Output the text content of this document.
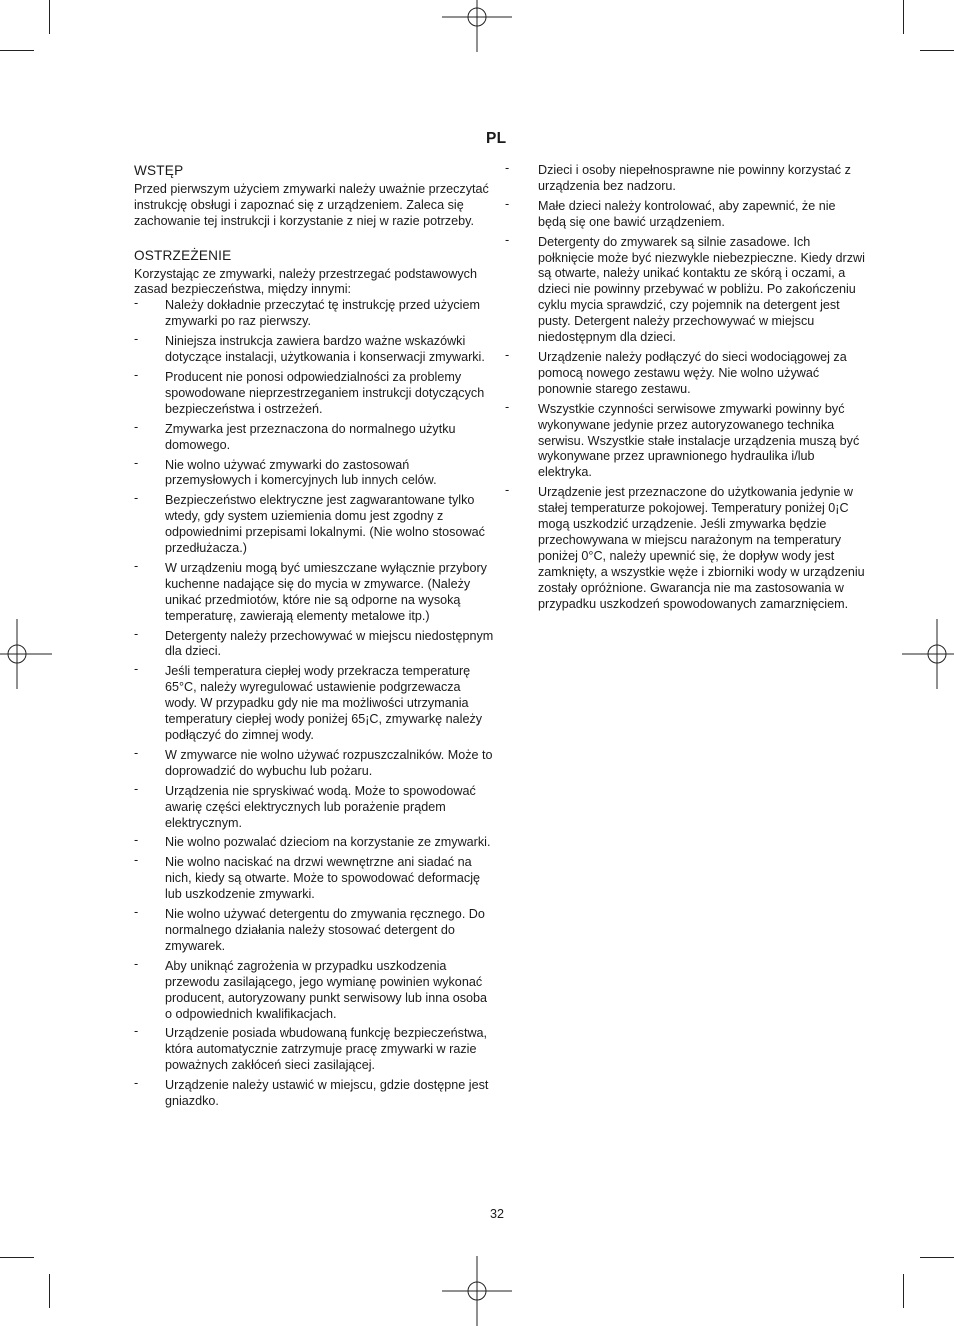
PL
WSTĘP

Przed pierwszym użyciem zmywarki należy uważnie przeczytać instrukcję obsługi i zapoznać się z urządzeniem. Zaleca się zachowanie tej instrukcji i korzystanie z niej w razie potrzeby.

OSTRZEŻENIE

Korzystając ze zmywarki, należy przestrzegać podstawowych zasad bezpieczeństwa, między innymi:

- Należy dokładnie przeczytać tę instrukcję przed użyciem zmywarki po raz pierwszy.
- Niniejsza instrukcja zawiera bardzo ważne wskazówki dotyczące instalacji, użytkowania i konserwacji zmywarki.
- Producent nie ponosi odpowiedzialności za problemy spowodowane nieprzestrzeganiem instrukcji dotyczących bezpieczeństwa i ostrzeżeń.
- Zmywarka jest przeznaczona do normalnego użytku domowego.
- Nie wolno używać zmywarki do zastosowań przemysłowych i komercyjnych lub innych celów.
- Bezpieczeństwo elektryczne jest zagwarantowane tylko wtedy, gdy system uziemienia domu jest zgodny z odpowiednimi przepisami lokalnymi. (Nie wolno stosować przedłużacza.)
- W urządzeniu mogą być umieszczane wyłącznie przybory kuchenne nadające się do mycia w zmywarce. (Należy unikać przedmiotów, które nie są odporne na wysoką temperaturę, zawierają elementy metalowe itp.)
- Detergenty należy przechowywać w miejscu niedostępnym dla dzieci.
- Jeśli temperatura ciepłej wody przekracza temperaturę 65°C, należy wyregulować ustawienie podgrzewacza wody. W przypadku gdy nie ma możliwości utrzymania temperatury ciepłej wody poniżej 65¡C, zmywarkę należy podłączyć do zimnej wody.
- W zmywarce nie wolno używać rozpuszczalników. Może to doprowadzić do wybuchu lub pożaru.
- Urządzenia nie spryskiwać wodą. Może to spowodować awarię części elektrycznych lub porażenie prądem elektrycznym.
- Nie wolno pozwalać dzieciom na korzystanie ze zmywarki.
- Nie wolno naciskać na drzwi wewnętrzne ani siadać na nich, kiedy są otwarte. Może to spowodować deformację lub uszkodzenie zmywarki.
- Nie wolno używać detergentu do zmywania ręcznego. Do normalnego działania należy stosować detergent do zmywarek.
- Aby uniknąć zagrożenia w przypadku uszkodzenia przewodu zasilającego, jego wymianę powinien wykonać producent, autoryzowany punkt serwisowy lub inna osoba o odpowiednich kwalifikacjach.
- Urządzenie posiada wbudowaną funkcję bezpieczeństwa, która automatycznie zatrzymuje pracę zmywarki w razie poważnych zakłóceń sieci zasilającej.
- Urządzenie należy ustawić w miejscu, gdzie dostępne jest gniazdko.
- Dzieci i osoby niepełnosprawne nie powinny korzystać z urządzenia bez nadzoru.
- Małe dzieci należy kontrolować, aby zapewnić, że nie będą się one bawić urządzeniem.
- Detergenty do zmywarek są silnie zasadowe. Ich połknięcie może być niezwykle niebezpieczne. Kiedy drzwi są otwarte, należy unikać kontaktu ze skórą i oczami, a dzieci nie powinny przebywać w pobliżu. Po zakończeniu cyklu mycia sprawdzić, czy pojemnik na detergent jest pusty. Detergent należy przechowywać w miejscu niedostępnym dla dzieci.
- Urządzenie należy podłączyć do sieci wodociągowej za pomocą nowego zestawu węży. Nie wolno używać ponownie starego zestawu.
- Wszystkie czynności serwisowe zmywarki powinny być wykonywane jedynie przez autoryzowanego technika serwisu. Wszystkie stałe instalacje urządzenia muszą być wykonywane przez uprawnionego hydraulika i/lub elektryka.
- Urządzenie jest przeznaczone do użytkowania jedynie w stałej temperaturze pokojowej. Temperatury poniżej 0¡C mogą uszkodzić urządzenie. Jeśli zmywarka będzie przechowywana w miejscu narażonym na temperatury poniżej 0°C, należy upewnić się, że dopływ wody jest zamknięty, a wszystkie węże i zbiorniki wody w urządzeniu zostały opróżnione. Gwarancja nie ma zastosowania w przypadku uszkodzeń spowodowanych zamarznięciem.
32
